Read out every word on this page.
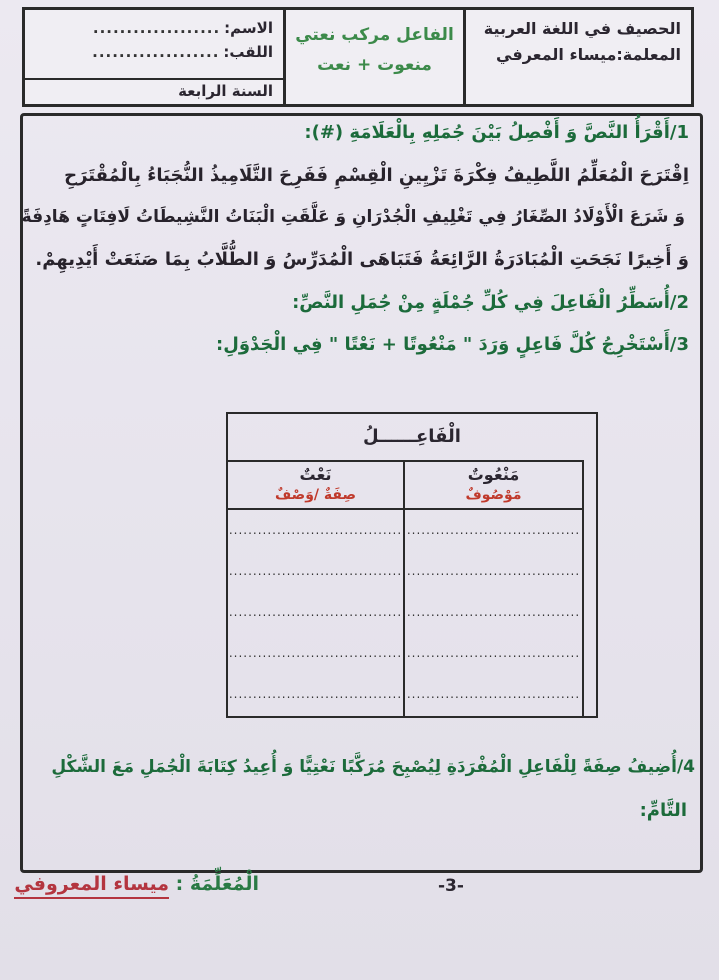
الحصيف في اللغة العربية
المعلمة:ميساء المعرفي
الفاعل مركب نعتي
منعوت + نعت
الاسم:
...................
اللقب:
...................
السنة الرابعة
1/أَقْرَأُ النَّصَّ وَ أَفْصِلُ بَيْنَ جُمَلِهِ بِالْعَلَامَةِ (#):
اِقْتَرَحَ الْمُعَلِّمُ اللَّطِيفُ فِكْرَةَ تَزْيِينِ الْقِسْمِ فَفَرِحَ التَّلَامِيذُ النُّجَبَاءُ بِالْمُقْتَرَحِ
وَ شَرَعَ الْأَوْلَادُ الصِّغَارُ فِي تَغْلِيفِ الْجُدْرَانِ وَ عَلَّقَتِ الْبَنَاتُ النَّشِيطَاتُ لَافِتَاتٍ هَادِفَةً
وَ أَخِيرًا نَجَحَتِ الْمُبَادَرَةُ الرَّائِعَةُ فَتَبَاهَى الْمُدَرِّسُ وَ الطُّلَّابُ بِمَا صَنَعَتْ أَيْدِيهِمْ.
2/أُسَطِّرُ الْفَاعِلَ فِي كُلِّ جُمْلَةٍ مِنْ جُمَلِ النَّصِّ:
3/أَسْتَخْرِجُ كُلَّ فَاعِلٍ وَرَدَ " مَنْعُوتًا + نَعْتًا " فِي الْجَدْوَلِ:
الْفَاعِــــــلُ
مَنْعُوتٌ
مَوْصُوفٌ
....................................
....................................
....................................
....................................
....................................
نَعْتٌ
صِفَةٌ /وَصْفٌ
....................................
....................................
....................................
....................................
....................................
4/أُضِيفُ صِفَةً لِلْفَاعِلِ الْمُفْرَدَةِ لِيُصْبِحَ مُرَكَّبًا نَعْتِيًّا وَ أُعِيدُ كِتَابَةَ الْجُمَلِ مَعَ الشَّكْلِ
التَّامِّ:
الْمُعَلِّمَةُ : ميساء المعروفي	-3-
